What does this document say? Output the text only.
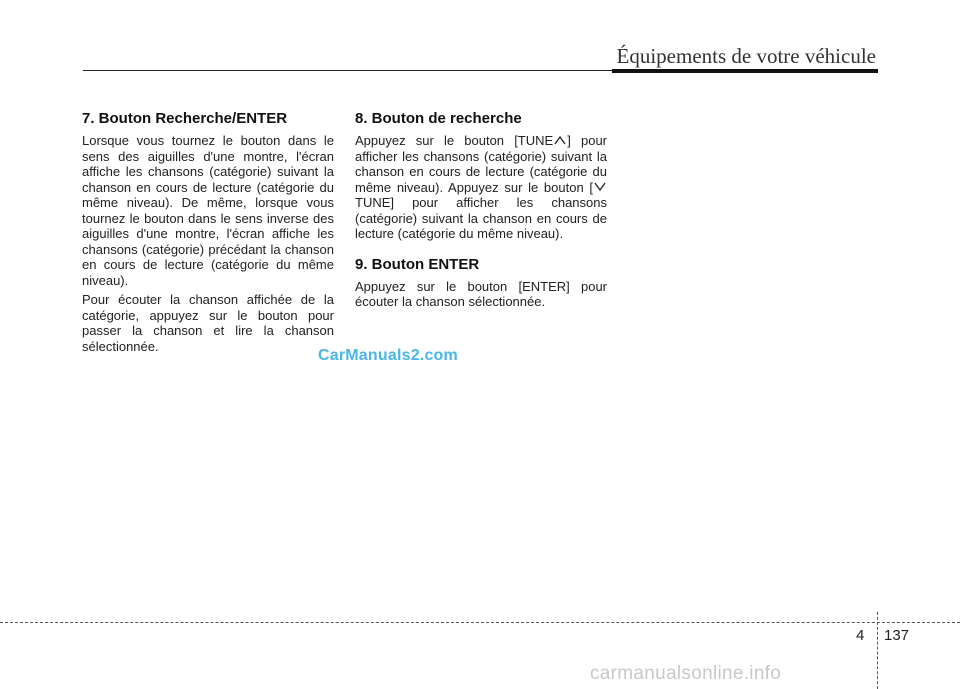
Équipements de votre véhicule
7. Bouton Recherche/ENTER

Lorsque vous tournez le bouton dans le sens des aiguilles d'une montre, l'écran affiche les chansons (catégorie) suivant la chanson en cours de lecture (catégorie du même niveau). De même, lorsque vous tournez le bouton dans le sens inverse des aiguilles d'une montre, l'écran affiche les chansons (catégorie) précédant la chanson en cours de lecture (catégorie du même niveau).

Pour écouter la chanson affichée de la catégorie, appuyez sur le bouton pour passer la chanson et lire la chanson sélectionnée.

8. Bouton de recherche

Appuyez sur le bouton [TUNE ] pour afficher les chansons (catégorie) suivant la chanson en cours de lecture (catégorie du même niveau). Appuyez sur le bouton [TUNE] pour afficher les chansons (catégorie) suivant la chanson en cours de lecture (catégorie du même niveau).

9. Bouton ENTER

Appuyez sur le bouton [ENTER] pour écouter la chanson sélectionnée.

CarManuals2.com
4 137
carmanualsonline.info
